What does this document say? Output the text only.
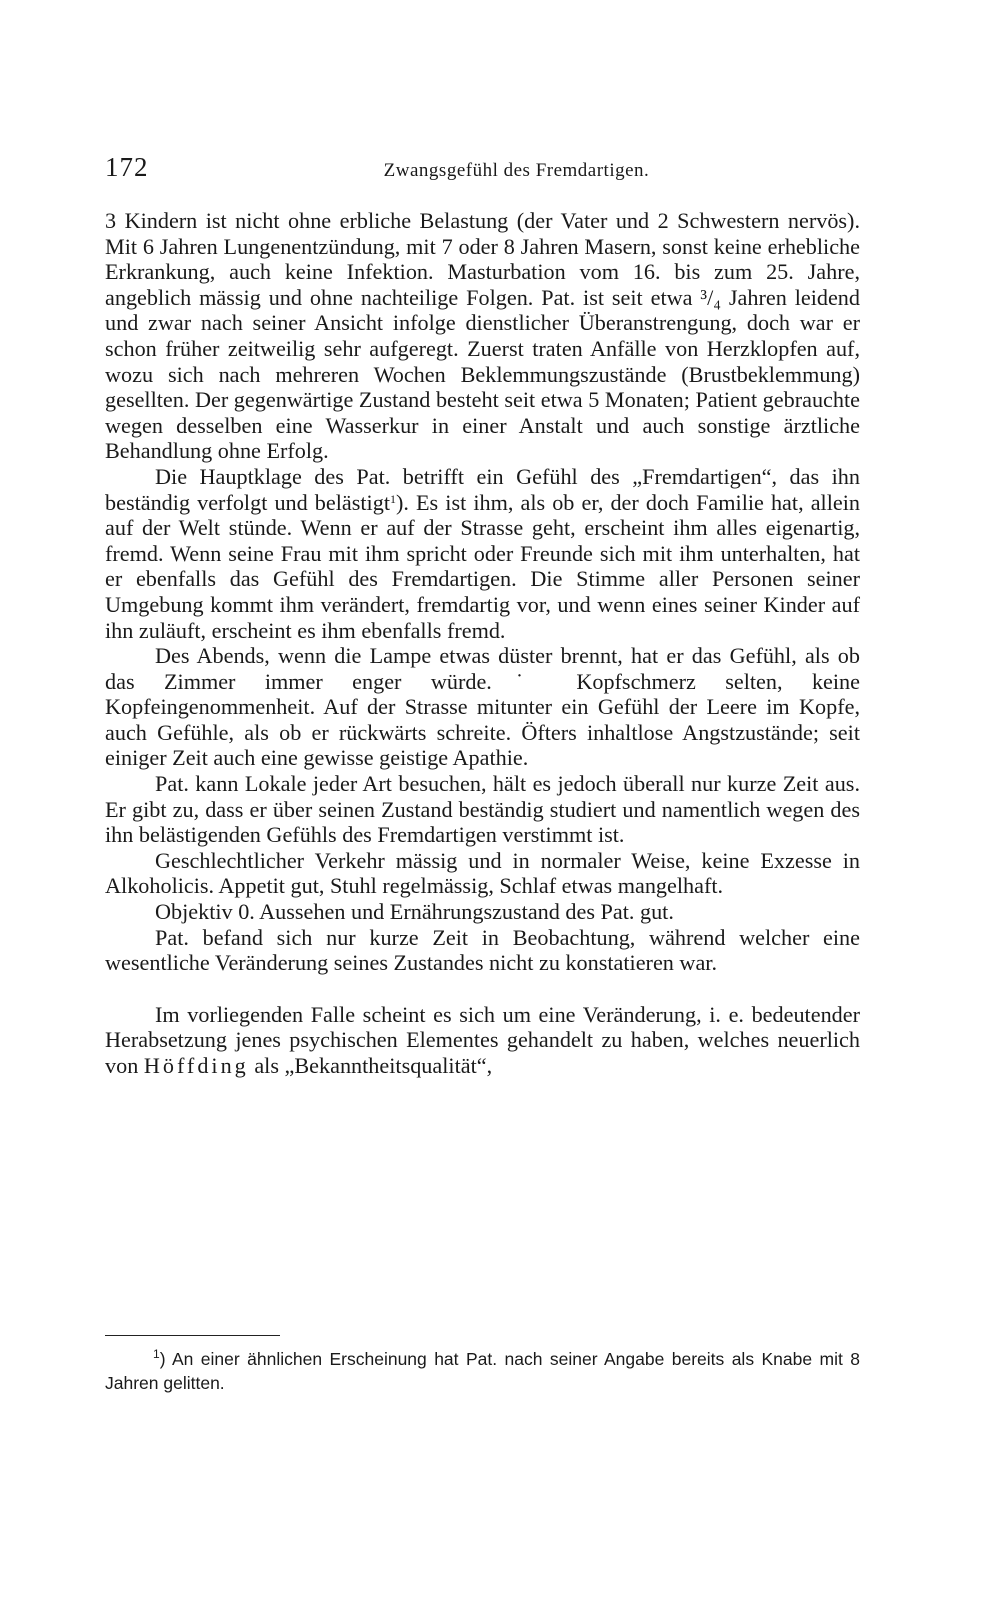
172	Zwangsgefühl des Fremdartigen.

3 Kindern ist nicht ohne erbliche Belastung (der Vater und 2 Schwestern nervös). Mit 6 Jahren Lungenentzündung, mit 7 oder 8 Jahren Masern, sonst keine erhebliche Erkrankung, auch keine Infektion. Masturbation vom 16. bis zum 25. Jahre, angeblich mässig und ohne nachteilige Folgen. Pat. ist seit etwa ³/₄ Jahren leidend und zwar nach seiner Ansicht infolge dienstlicher Überanstrengung, doch war er schon früher zeitweilig sehr aufgeregt. Zuerst traten Anfälle von Herzklopfen auf, wozu sich nach mehreren Wochen Beklemmungszustände (Brustbeklemmung) gesellten. Der gegenwärtige Zustand besteht seit etwa 5 Monaten; Patient gebrauchte wegen desselben eine Wasserkur in einer Anstalt und auch sonstige ärztliche Behandlung ohne Erfolg.

Die Hauptklage des Pat. betrifft ein Gefühl des „Fremdartigen“, das ihn beständig verfolgt und belästigt$^1$). Es ist ihm, als ob er, der doch Familie hat, allein auf der Welt stünde. Wenn er auf der Strasse geht, erscheint ihm alles eigenartig, fremd. Wenn seine Frau mit ihm spricht oder Freunde sich mit ihm unterhalten, hat er ebenfalls das Gefühl des Fremdartigen. Die Stimme aller Personen seiner Umgebung kommt ihm verändert, fremdartig vor, und wenn eines seiner Kinder auf ihn zuläuft, erscheint es ihm ebenfalls fremd.

Des Abends, wenn die Lampe etwas düster brennt, hat er das Gefühl, als ob das Zimmer immer enger würde.˙ Kopfschmerz selten, keine Kopfeingenommenheit. Auf der Strasse mitunter ein Gefühl der Leere im Kopfe, auch Gefühle, als ob er rückwärts schreite. Öfters inhaltlose Angstzustände; seit einiger Zeit auch eine gewisse geistige Apathie.

Pat. kann Lokale jeder Art besuchen, hält es jedoch überall nur kurze Zeit aus. Er gibt zu, dass er über seinen Zustand beständig studiert und namentlich wegen des ihn belästigenden Gefühls des Fremdartigen verstimmt ist.

Geschlechtlicher Verkehr mässig und in normaler Weise, keine Exzesse in Alkoholicis. Appetit gut, Stuhl regelmässig, Schlaf etwas mangelhaft.

Objektiv 0. Aussehen und Ernährungszustand des Pat. gut.

Pat. befand sich nur kurze Zeit in Beobachtung, während welcher eine wesentliche Veränderung seines Zustandes nicht zu konstatieren war.

Im vorliegenden Falle scheint es sich um eine Veränderung, i. e. bedeutender Herabsetzung jenes psychischen Elementes gehandelt zu haben, welches neuerlich von Höffding als „Bekanntheitsqualität“,

$^1$) An einer ähnlichen Erscheinung hat Pat. nach seiner Angabe bereits als Knabe mit 8 Jahren gelitten.
